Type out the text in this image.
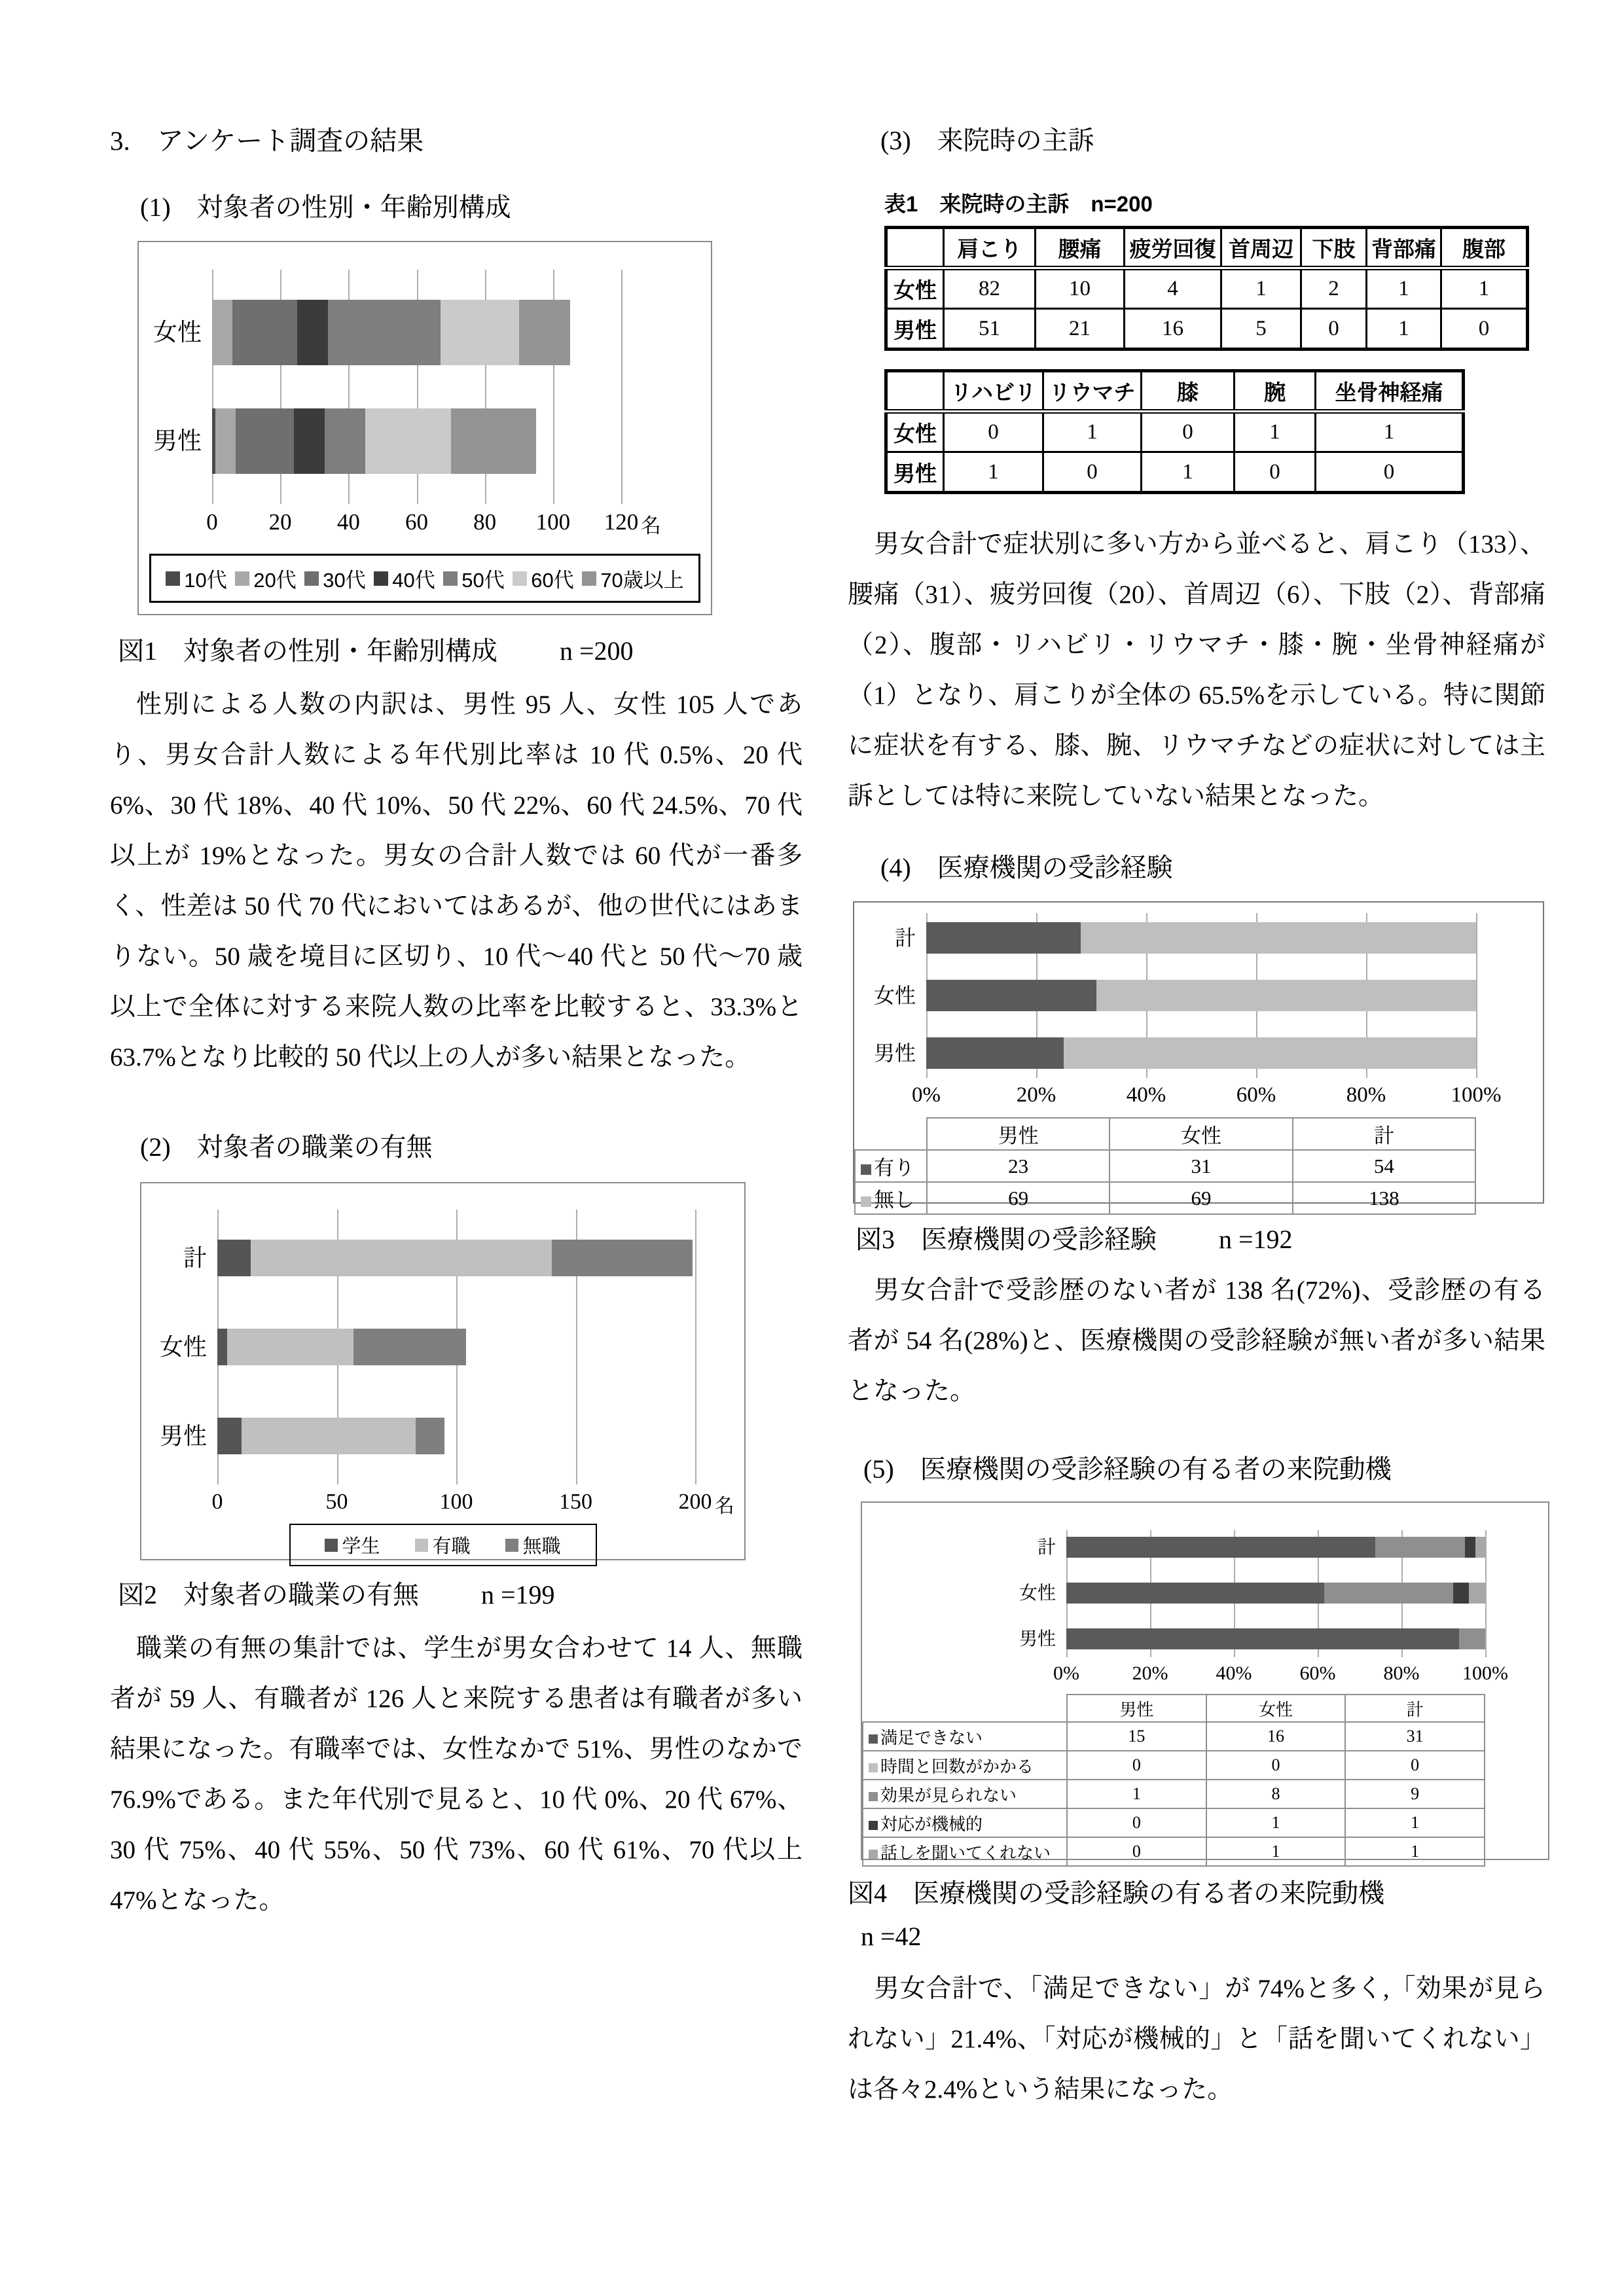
3.　アンケート調査の結果
(1)　対象者の性別・年齢別構成
女性
男性
0 20 40 60 80 100 120 名
10代 20代 30代 40代 50代 60代 70歳以上
図1　対象者の性別・年齢別構成 n =200

性別による人数の内訳は、男性 95 人、女性 105 人であり、男女合計人数による年代別比率は 10 代 0.5%、20 代 6%、30 代 18%、40 代 10%、50 代 22%、60 代 24.5%、70 代以上が 19%となった。男女の合計人数では 60 代が一番多く、性差は 50 代 70 代においてはあるが、他の世代にはあまりない。50 歳を境目に区切り、10 代～40 代と 50 代～70 歳以上で全体に対する来院人数の比率を比較すると、33.3%と 63.7%となり比較的 50 代以上の人が多い結果となった。

(2)　対象者の職業の有無
計
女性
男性
0	50	100	150	200 名
学生	有職	無職
図2　対象者の職業の有無 n =199

職業の有無の集計では、学生が男女合わせて 14 人、無職者が 59 人、有職者が 126 人と来院する患者は有職者が多い結果になった。有職率では、女性なかで 51%、男性のなかで 76.9%である。また年代別で見ると、10 代 0%、20 代 67%、30 代 75%、40 代 55%、50 代 73%、60 代 61%、70 代以上 47%となった。

(3)　来院時の主訴
表1　来院時の主訴　n=200
	肩こり	腰痛	疲労回復	首周辺	下肢	背部痛	腹部
女性	82	10	4	1	2	1	1
男性	51	21	16	5	0	1	0
	リハビリ	リウマチ	膝	腕	坐骨神経痛
女性	0	1	0	1	1
男性	1	0	1	0	0

男女合計で症状別に多い方から並べると、肩こり（133）、腰痛（31）、疲労回復（20）、首周辺（6）、下肢（2）、背部痛（2）、腹部・リハビリ・リウマチ・膝・腕・坐骨神経痛が（1）となり、肩こりが全体の 65.5%を示している。特に関節に症状を有する、膝、腕、リウマチなどの症状に対しては主訴としては特に来院していない結果となった。

(4)　医療機関の受診経験
計
女性
男性
0%	20%	40%	60%	80%	100%
	男性	女性	計
有り	23	31	54
無し	69	69	138
図3　医療機関の受診経験 n =192

男女合計で受診歴のない者が 138 名(72%)、受診歴の有る者が 54 名(28%)と、医療機関の受診経験が無い者が多い結果となった。

(5)　医療機関の受診経験の有る者の来院動機
計
女性
男性
0%	20% 40% 60% 80% 100%
	男性	女性	計
満足できない	15	16	31
時間と回数がかかる	0	0	0
効果が見られない	1	8	9
対応が機械的	0	1	1
話しを聞いてくれない	0	1	1
図4　医療機関の受診経験の有る者の来院動機
n =42

男女合計で、「満足できない」が 74%と多く,「効果が見られない」21.4%、「対応が機械的」と「話を聞いてくれない」は各々2.4%という結果になった。
